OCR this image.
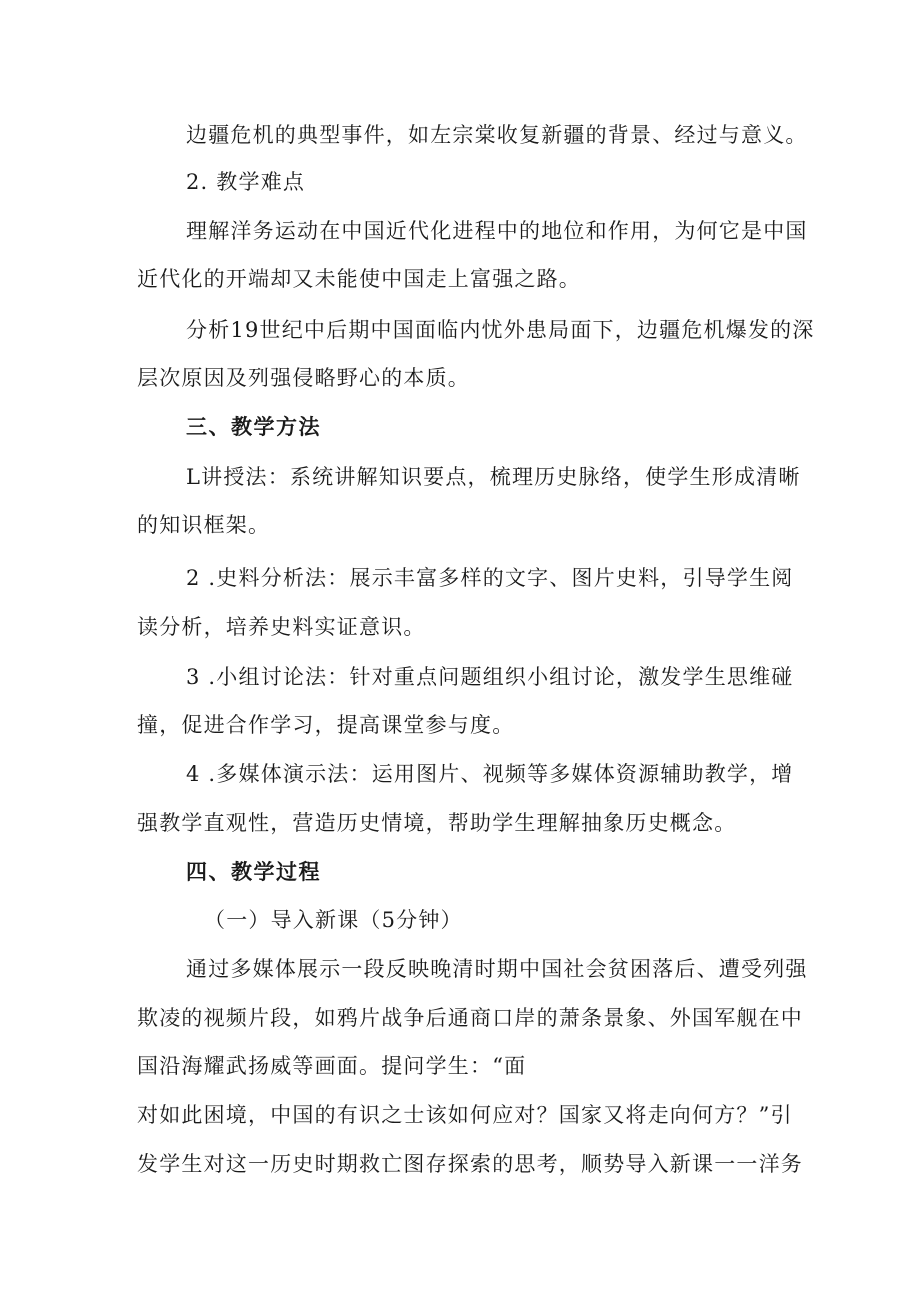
边疆危机的典型事件，如左宗棠收复新疆的背景、经过与意义。
2. 教学难点
理解洋务运动在中国近代化进程中的地位和作用，为何它是中国
近代化的开端却又未能使中国走上富强之路。
分析19世纪中后期中国面临内忧外患局面下，边疆危机爆发的深
层次原因及列强侵略野心的本质。
三、教学方法
L讲授法：系统讲解知识要点，梳理历史脉络，使学生形成清晰
的知识框架。
2 .史料分析法：展示丰富多样的文字、图片史料，引导学生阅
读分析，培养史料实证意识。
3 .小组讨论法：针对重点问题组织小组讨论，激发学生思维碰
撞，促进合作学习，提高课堂参与度。
4 .多媒体演示法：运用图片、视频等多媒体资源辅助教学，增
强教学直观性，营造历史情境，帮助学生理解抽象历史概念。
四、教学过程
（一）导入新课（5分钟）
通过多媒体展示一段反映晚清时期中国社会贫困落后、遭受列强
欺凌的视频片段，如鸦片战争后通商口岸的萧条景象、外国军舰在中
国沿海耀武扬威等画面。提问学生：“面
对如此困境，中国的有识之士该如何应对？国家又将走向何方？”引
发学生对这一历史时期救亡图存探索的思考，顺势导入新课一一洋务
